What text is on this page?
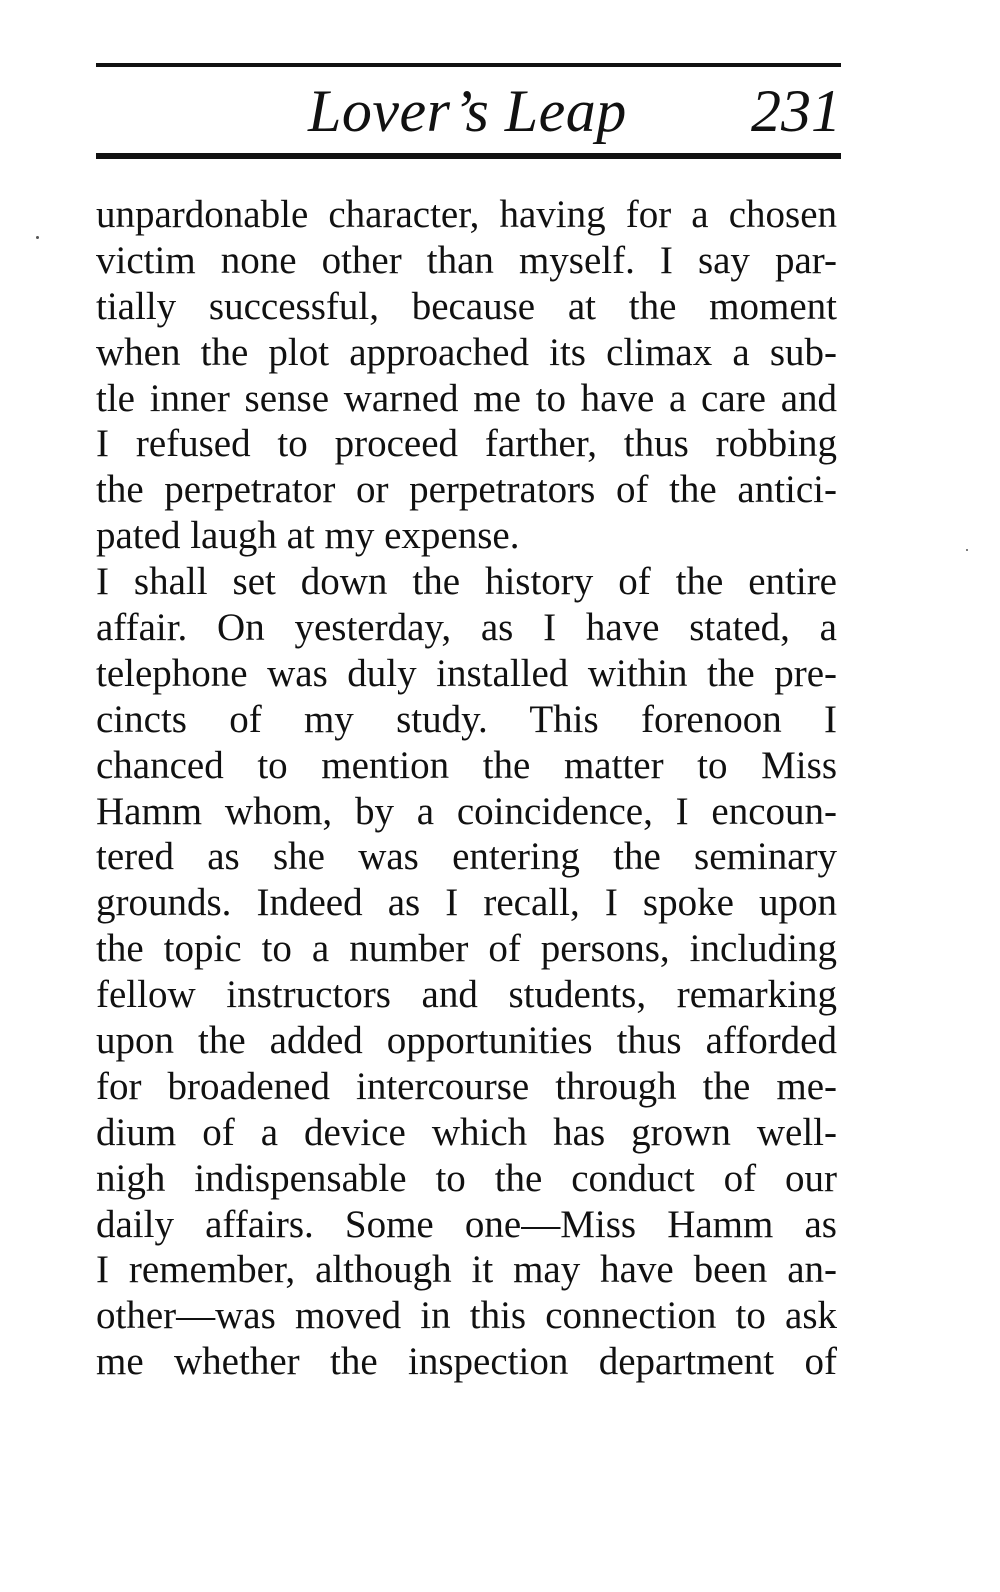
Lover’s Leap 231
unpardonable character, having for a chosen
victim none other than myself. I say par-
tially successful, because at the moment
when the plot approached its climax a sub-
tle inner sense warned me to have a care and
I refused to proceed farther, thus robbing
the perpetrator or perpetrators of the antici-
pated laugh at my expense.
I shall set down the history of the entire
affair. On yesterday, as I have stated, a
telephone was duly installed within the pre-
cincts of my study. This forenoon I
chanced to mention the matter to Miss
Hamm whom, by a coincidence, I encoun-
tered as she was entering the seminary
grounds. Indeed as I recall, I spoke upon
the topic to a number of persons, including
fellow instructors and students, remarking
upon the added opportunities thus afforded
for broadened intercourse through the me-
dium of a device which has grown well-
nigh indispensable to the conduct of our
daily affairs. Some one—Miss Hamm as
I remember, although it may have been an-
other—was moved in this connection to ask
me whether the inspection department of
